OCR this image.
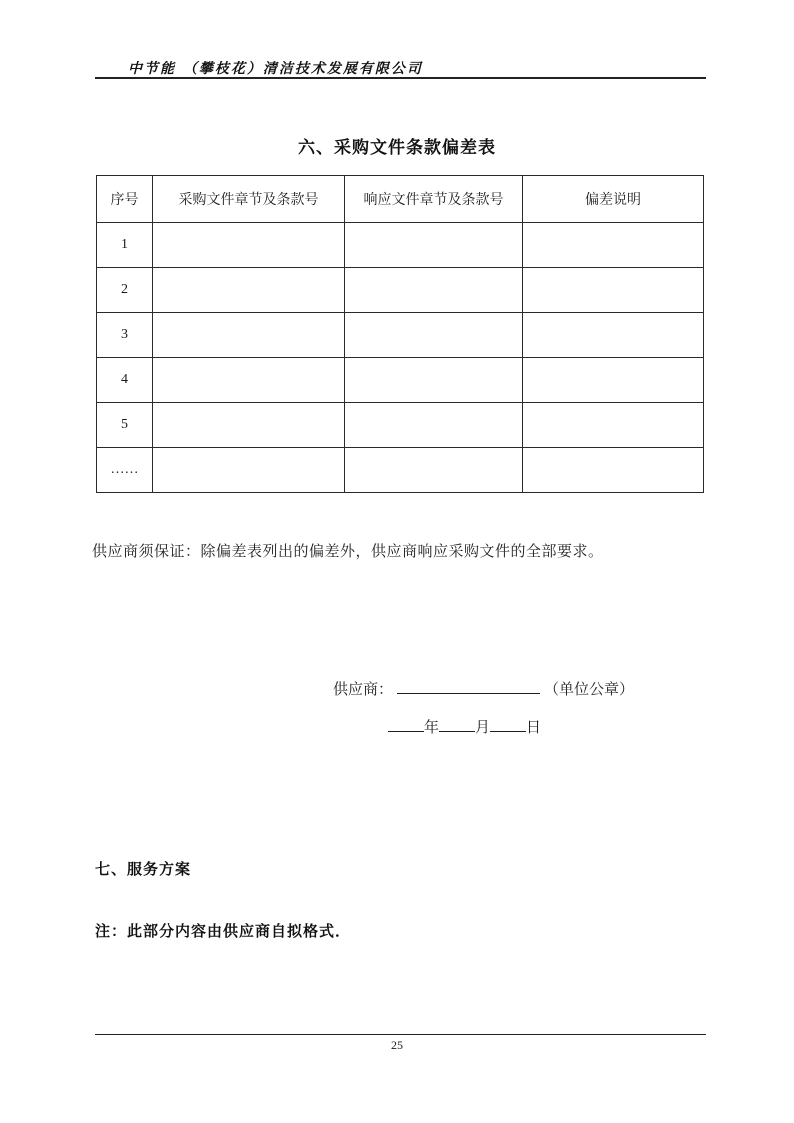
中节能 （攀枝花）清洁技术发展有限公司
六、采购文件条款偏差表
序号	采购文件章节及条款号	响应文件章节及条款号	偏差说明
1			
2			
3			
4			
5			
……			
供应商须保证：除偏差表列出的偏差外，供应商响应采购文件的全部要求。
供应商：	（单位公章）
年 月 日
七、服务方案
注：此部分内容由供应商自拟格式．
25
